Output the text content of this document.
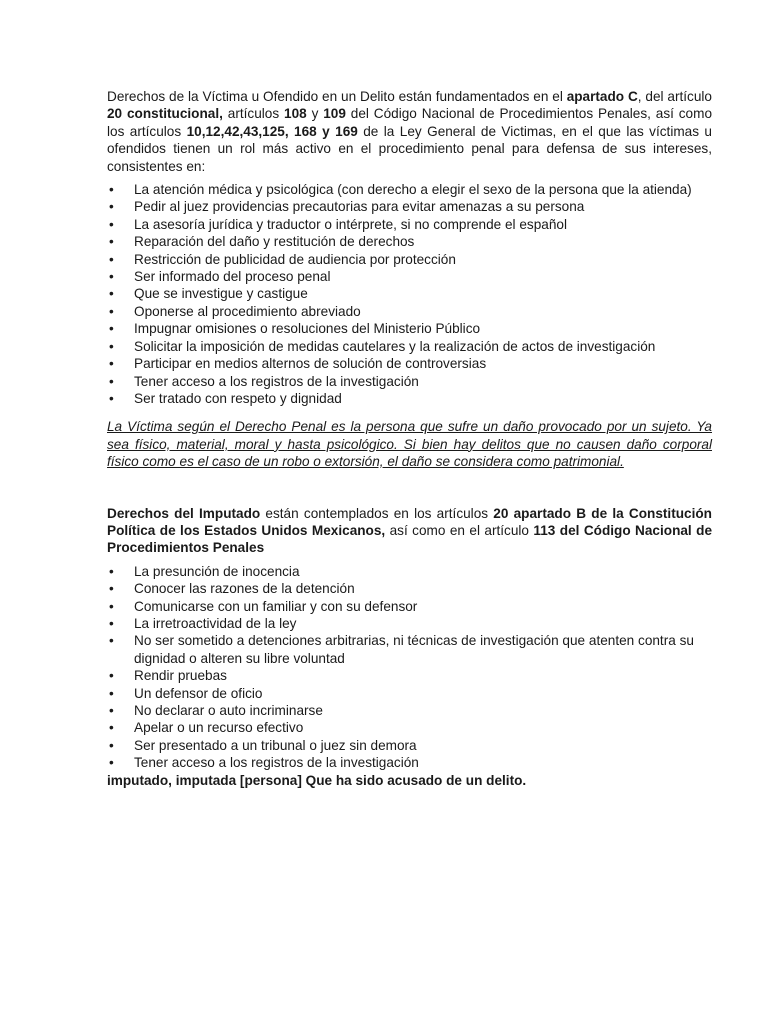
Derechos de la Víctima u Ofendido en un Delito están fundamentados en el apartado C, del artículo 20 constitucional, artículos 108 y 109 del Código Nacional de Procedimientos Penales, así como los artículos 10,12,42,43,125, 168 y 169 de la Ley General de Victimas, en el que las víctimas u ofendidos tienen un rol más activo en el procedimiento penal para defensa de sus intereses, consistentes en:

• La atención médica y psicológica (con derecho a elegir el sexo de la persona que la atienda)
• Pedir al juez providencias precautorias para evitar amenazas a su persona
• La asesoría jurídica y traductor o intérprete, si no comprende el español
• Reparación del daño y restitución de derechos
• Restricción de publicidad de audiencia por protección
• Ser informado del proceso penal
• Que se investigue y castigue
• Oponerse al procedimiento abreviado
• Impugnar omisiones o resoluciones del Ministerio Público
• Solicitar la imposición de medidas cautelares y la realización de actos de investigación
• Participar en medios alternos de solución de controversias
• Tener acceso a los registros de la investigación
• Ser tratado con respeto y dignidad

La Víctima según el Derecho Penal es la persona que sufre un daño provocado por un sujeto. Ya sea físico, material, moral y hasta psicológico. Si bien hay delitos que no causen daño corporal físico como es el caso de un robo o extorsión, el daño se considera como patrimonial.

Derechos del Imputado están contemplados en los artículos 20 apartado B de la Constitución Política de los Estados Unidos Mexicanos, así como en el artículo 113 del Código Nacional de Procedimientos Penales

• La presunción de inocencia
• Conocer las razones de la detención
• Comunicarse con un familiar y con su defensor
• La irretroactividad de la ley
• No ser sometido a detenciones arbitrarias, ni técnicas de investigación que atenten contra su dignidad o alteren su libre voluntad
• Rendir pruebas
• Un defensor de oficio
• No declarar o auto incriminarse
• Apelar o un recurso efectivo
• Ser presentado a un tribunal o juez sin demora
• Tener acceso a los registros de la investigación

imputado, imputada [persona] Que ha sido acusado de un delito.
